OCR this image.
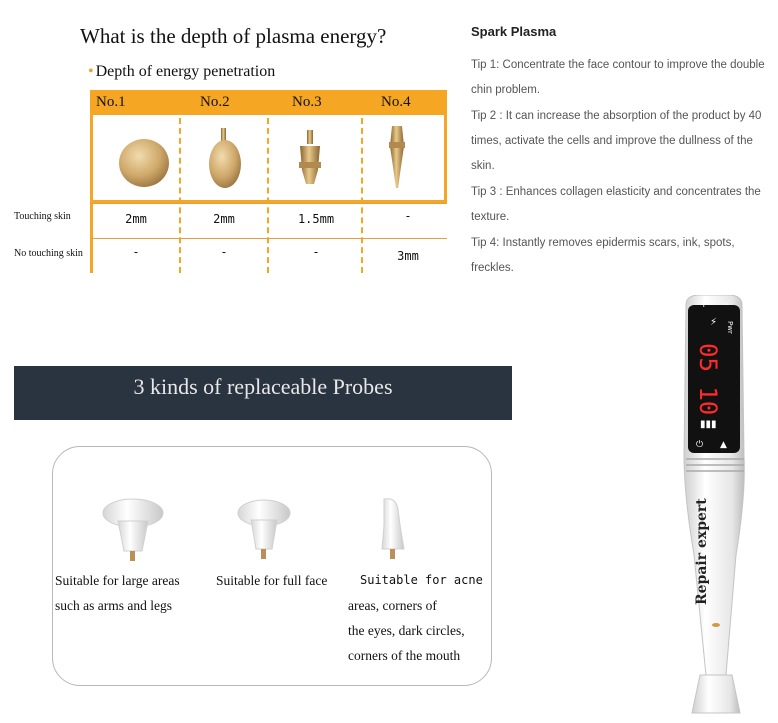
What is the depth of plasma energy?
• Depth of energy penetration
No.1	No.2	No.3	No.4
Touching skin	2mm	2mm	1.5mm	-
No touching skin	-	-	-	3mm
Spark Plasma
Tip 1: Concentrate the face contour to improve the double chin problem.
Tip 2 : It can increase the absorption of the product by 40 times, activate the cells and improve the dullness of the skin.
Tip 3 : Enhances collagen elasticity and concentrates the texture.
Tip 4: Instantly removes epidermis scars, ink, spots, freckles.
3 kinds of replaceable Probes
Suitable for large areas
such as arms and legs
Suitable for full face	Suitable for acne
areas, corners of
the eyes, dark circles,
corners of the mouth
+ −
⚡ Pwr
05 10
▮▮▮
⏻ ▲
Repair expert
